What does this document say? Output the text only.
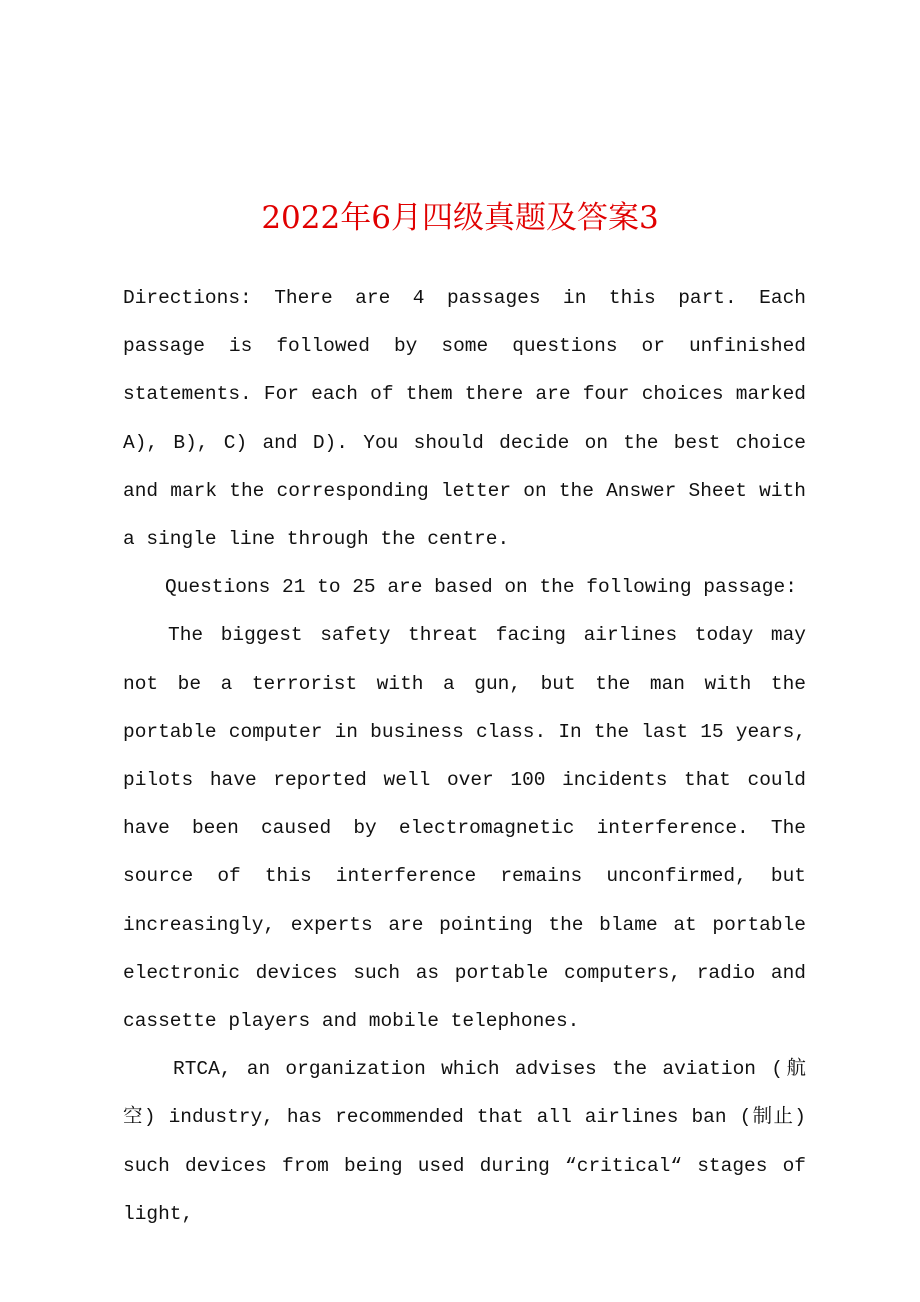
2022年6月四级真题及答案3

Directions: There are 4 passages in this part. Each passage is followed by some questions or unfinished statements. For each of them there are four choices marked A), B), C) and D). You should decide on the best choice and mark the corresponding letter on the Answer Sheet with a single line through the centre.

Questions 21 to 25 are based on the following passage:

The biggest safety threat facing airlines today may not be a terrorist with a gun, but the man with the portable computer in business class. In the last 15 years, pilots have reported well over 100 incidents that could have been caused by electromagnetic interference. The source of this interference remains unconfirmed, but increasingly, experts are pointing the blame at portable electronic devices such as portable computers, radio and cassette players and mobile telephones.

RTCA, an organization which advises the aviation (航空) industry, has recommended that all airlines ban (制止) such devices from being used during “critical“ stages of light,
